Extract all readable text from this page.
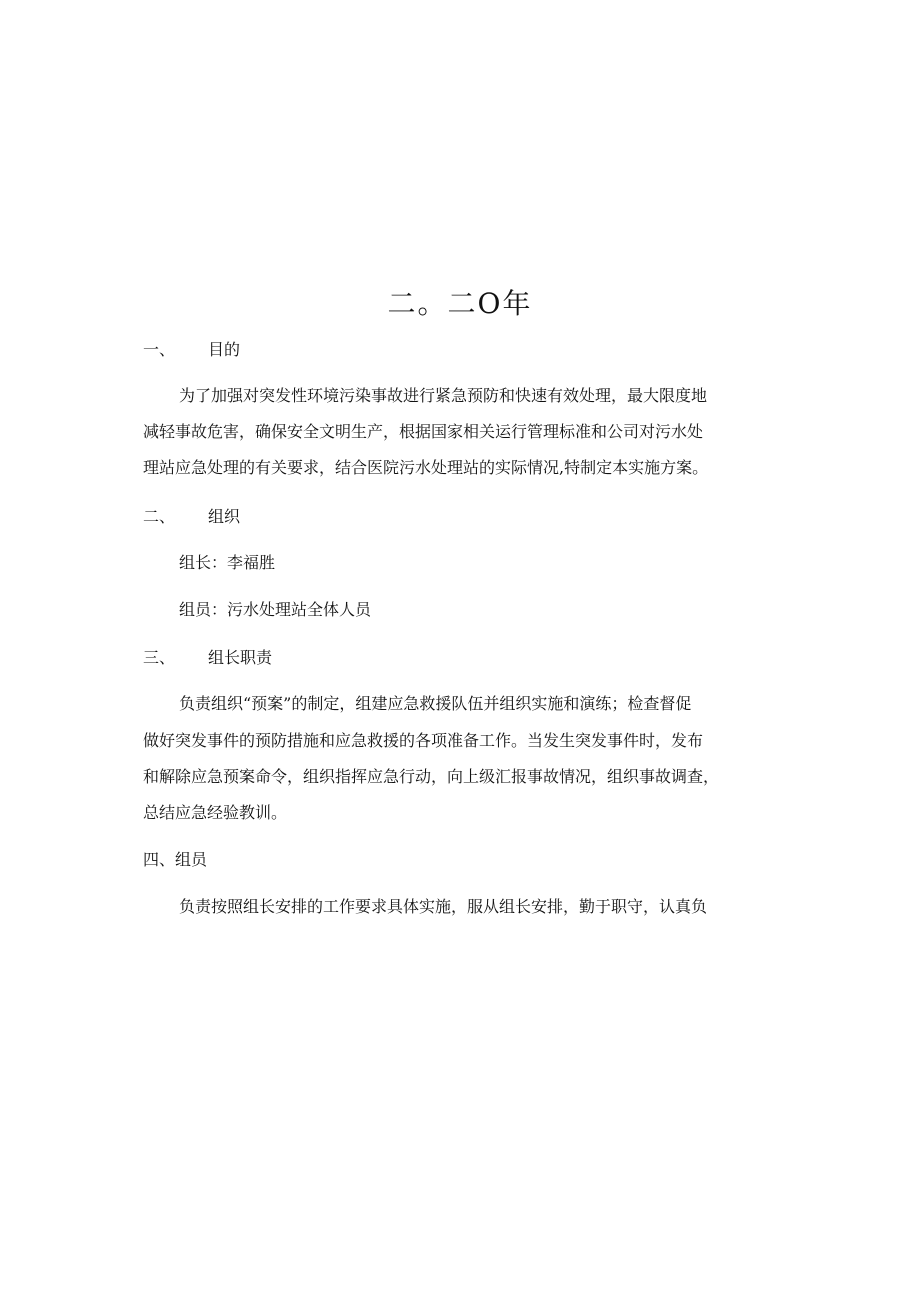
二。二O年
一、 目的
为了加强对突发性环境污染事故进行紧急预防和快速有效处理，最大限度地
减轻事故危害，确保安全文明生产，根据国家相关运行管理标准和公司对污水处
理站应急处理的有关要求，结合医院污水处理站的实际情况,特制定本实施方案。
二、 组织
组长：李福胜
组员：污水处理站全体人员
三、 组长职责
负责组织“预案”的制定，组建应急救援队伍并组织实施和演练；检查督促
做好突发事件的预防措施和应急救援的各项准备工作。当发生突发事件时，发布
和解除应急预案命令，组织指挥应急行动，向上级汇报事故情况，组织事故调查，
总结应急经验教训。
四、组员
负责按照组长安排的工作要求具体实施，服从组长安排，勤于职守，认真负
